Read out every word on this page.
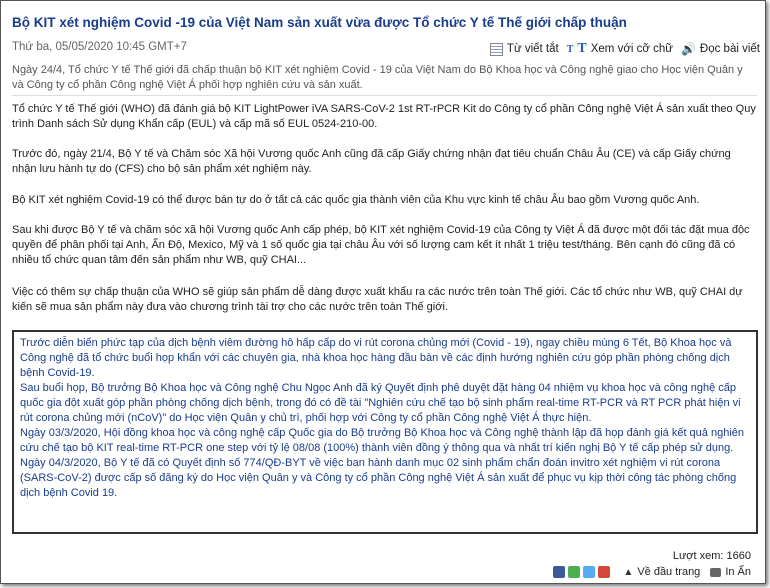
Bộ KIT xét nghiệm Covid -19 của Việt Nam sản xuất vừa được Tổ chức Y tế Thế giới chấp thuận
Thứ ba, 05/05/2020 10:45 GMT+7	Từ viết tắt T T Xem với cỡ chữ 🔊 Đọc bài viết
Ngày 24/4, Tổ chức Y tế Thế giới đã chấp thuận bộ KIT xét nghiệm Covid - 19 của Việt Nam do Bộ Khoa học và Công nghệ giao cho Học viện Quân y và Công ty cổ phần Công nghệ Việt Á phối hợp nghiên cứu và sản xuất.
Tổ chức Y tế Thế giới (WHO) đã đánh giá bộ KIT LightPower iVA SARS-CoV-2 1st RT-rPCR Kit do Công ty cổ phần Công nghệ Việt Á sản xuất theo Quy trình Danh sách Sử dụng Khẩn cấp (EUL) và cấp mã số EUL 0524-210-00.
Trước đó, ngày 21/4, Bộ Y tế và Chăm sóc Xã hội Vương quốc Anh cũng đã cấp Giấy chứng nhận đạt tiêu chuẩn Châu Âu (CE) và cấp Giấy chứng nhận lưu hành tự do (CFS) cho bộ sản phẩm xét nghiệm này.
Bộ KIT xét nghiệm Covid-19 có thể được bán tự do ở tất cả các quốc gia thành viên của Khu vực kinh tế châu Âu bao gồm Vương quốc Anh.
Sau khi được Bộ Y tế và chăm sóc xã hội Vương quốc Anh cấp phép, bộ KIT xét nghiệm Covid-19 của Công ty Việt Á đã được một đối tác đặt mua độc quyền để phân phối tại Anh, Ấn Độ, Mexico, Mỹ và 1 số quốc gia tại châu Âu với số lượng cam kết ít nhất 1 triệu test/tháng. Bên cạnh đó cũng đã có nhiều tổ chức quan tâm đến sản phẩm như WB, quỹ CHAI...
Việc có thêm sự chấp thuận của WHO sẽ giúp sản phẩm dễ dàng được xuất khẩu ra các nước trên toàn Thế giới. Các tổ chức như WB, quỹ CHAI dự kiến sẽ mua sản phẩm này đưa vào chương trình tài trợ cho các nước trên toàn Thế giới.

Trước diễn biến phức tạp của dịch bệnh viêm đường hô hấp cấp do vi rút corona chủng mới (Covid - 19), ngay chiều mùng 6 Tết, Bộ Khoa học và Công nghệ đã tổ chức buổi họp khẩn với các chuyên gia, nhà khoa học hàng đầu bàn về các định hướng nghiên cứu góp phần phòng chống dịch bệnh Covid-19.

Sau buổi họp, Bộ trưởng Bộ Khoa học và Công nghệ Chu Ngọc Anh đã ký Quyết định phê duyệt đặt hàng 04 nhiệm vụ khoa học và công nghệ cấp quốc gia đột xuất góp phần phòng chống dịch bệnh, trong đó có đề tài "Nghiên cứu chế tạo bộ sinh phẩm real-time RT-PCR và RT PCR phát hiện vi rút corona chủng mới (nCoV)" do Học viện Quân y chủ trì, phối hợp với Công ty cổ phần Công nghệ Việt Á thực hiện.

Ngày 03/3/2020, Hội đồng khoa học và công nghệ cấp Quốc gia do Bộ trưởng Bộ Khoa học và Công nghệ thành lập đã họp đánh giá kết quả nghiên cứu chế tạo bộ KIT real-time RT-PCR one step với tỷ lệ 08/08 (100%) thành viên đồng ý thông qua và nhất trí kiến nghị Bộ Y tế cấp phép sử dụng.

Ngày 04/3/2020, Bộ Y tế đã có Quyết định số 774/QĐ-BYT về việc ban hành danh mục 02 sinh phẩm chẩn đoán invitro xét nghiệm vi rút corona (SARS-CoV-2) được cấp số đăng ký do Học viện Quân y và Công ty cổ phần Công nghệ Việt Á sản xuất để phục vụ kịp thời công tác phòng chống dịch bệnh Covid 19.

Lượt xem: 1660
▲ Về đầu trang In Ấn
